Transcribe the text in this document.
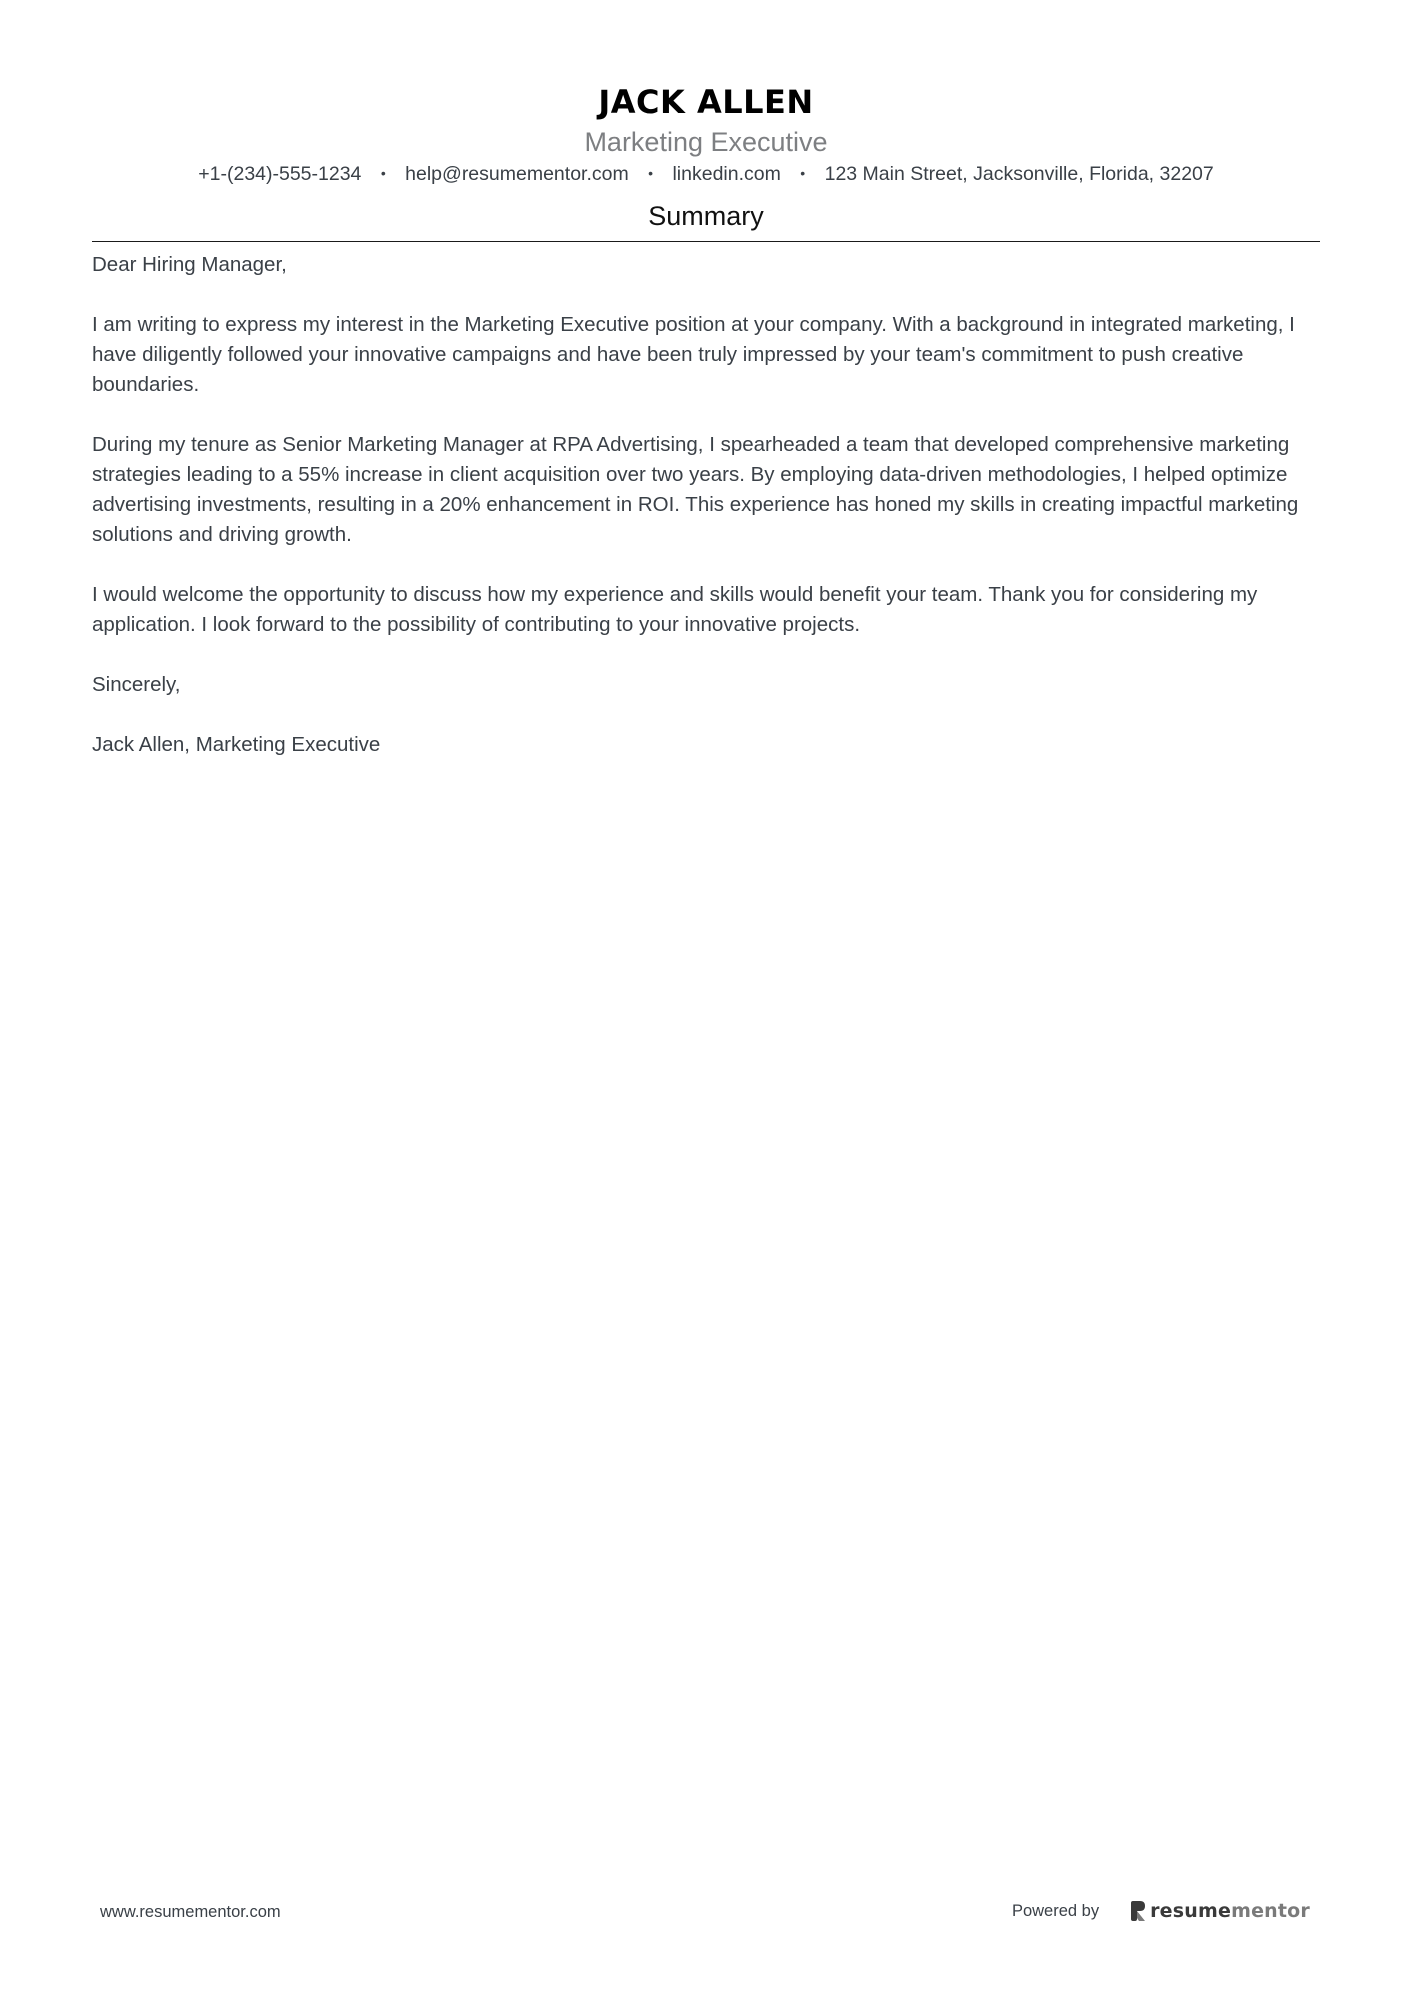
JACK ALLEN
Marketing Executive
+1-(234)-555-1234 • help@resumementor.com • linkedin.com • 123 Main Street, Jacksonville, Florida, 32207
Summary

Dear Hiring Manager,

I am writing to express my interest in the Marketing Executive position at your company. With a background in integrated marketing, I have diligently followed your innovative campaigns and have been truly impressed by your team's commitment to push creative boundaries.

During my tenure as Senior Marketing Manager at RPA Advertising, I spearheaded a team that developed comprehensive marketing strategies leading to a 55% increase in client acquisition over two years. By employing data-driven methodologies, I helped optimize advertising investments, resulting in a 20% enhancement in ROI. This experience has honed my skills in creating impactful marketing solutions and driving growth.

I would welcome the opportunity to discuss how my experience and skills would benefit your team. Thank you for considering my application. I look forward to the possibility of contributing to your innovative projects.

Sincerely,

Jack Allen, Marketing Executive

www.resumementor.com	Powered by	resumementor
